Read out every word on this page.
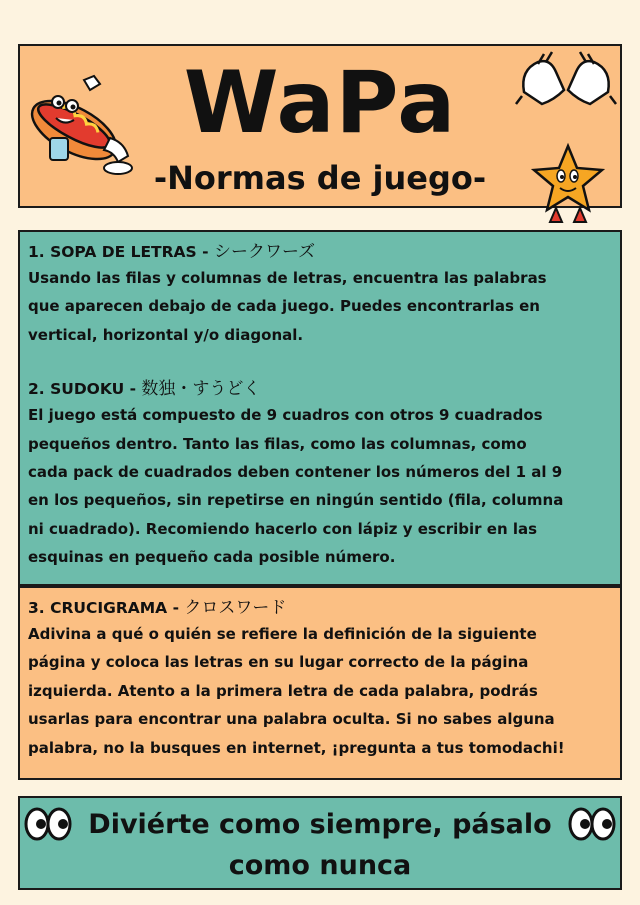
WaPa
-Normas de juego-
1. SOPA DE LETRAS - シークワーズ

Usando las filas y columnas de letras, encuentra las palabras

que aparecen debajo de cada juego. Puedes encontrarlas en

vertical, horizontal y/o diagonal.

2. SUDOKU - 数独・すうどく

El juego está compuesto de 9 cuadros con otros 9 cuadrados

pequeños dentro. Tanto las filas, como las columnas, como

cada pack de cuadrados deben contener los números del 1 al 9

en los pequeños, sin repetirse en ningún sentido (fila, columna

ni cuadrado). Recomiendo hacerlo con lápiz y escribir en las

esquinas en pequeño cada posible número.

3. CRUCIGRAMA - クロスワード

Adivina a qué o quién se refiere la definición de la siguiente

página y coloca las letras en su lugar correcto de la página

izquierda. Atento a la primera letra de cada palabra, podrás

usarlas para encontrar una palabra oculta. Si no sabes alguna

palabra, no la busques en internet, ¡pregunta a tus tomodachi!

Diviérte como siempre, pásalo
como nunca
